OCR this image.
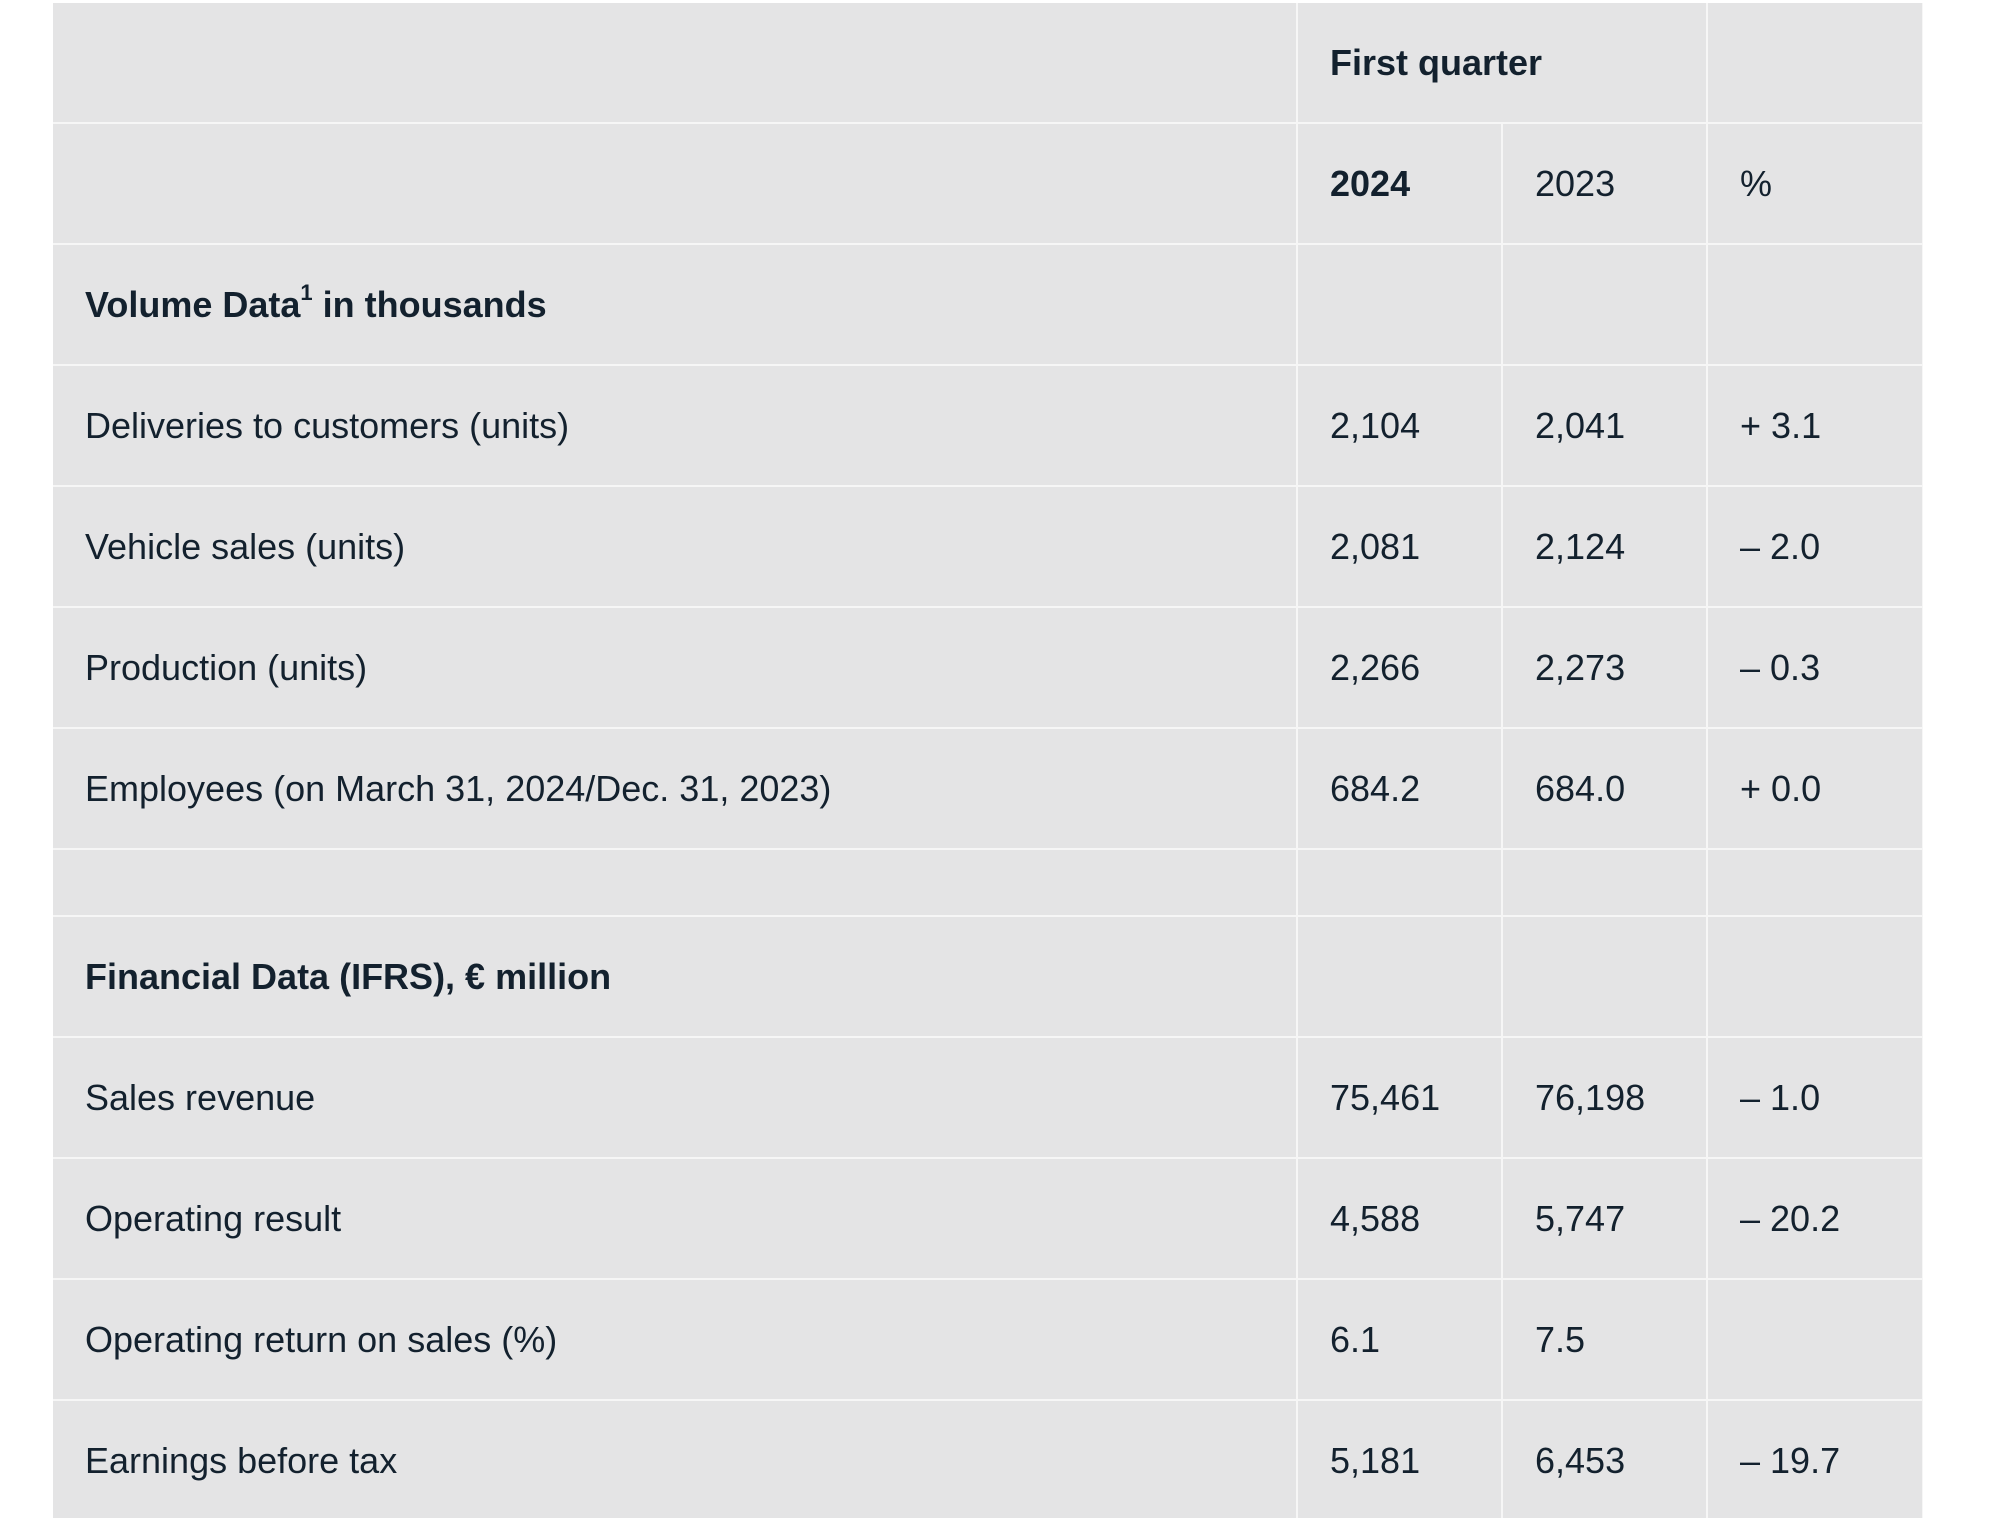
	First quarter		
	2024	2023	%
Volume Data$^1$ in thousands			
Deliveries to customers (units)	2,104	2,041	+ 3.1
Vehicle sales (units)	2,081	2,124	– 2.0
Production (units)	2,266	2,273	– 0.3
Employees (on March 31, 2024/Dec. 31, 2023)	684.2	684.0	+ 0.0

Financial Data (IFRS), € million			
Sales revenue	75,461	76,198	– 1.0
Operating result	4,588	5,747	– 20.2
Operating return on sales (%)	6.1	7.5	
Earnings before tax	5,181	6,453	– 19.7
